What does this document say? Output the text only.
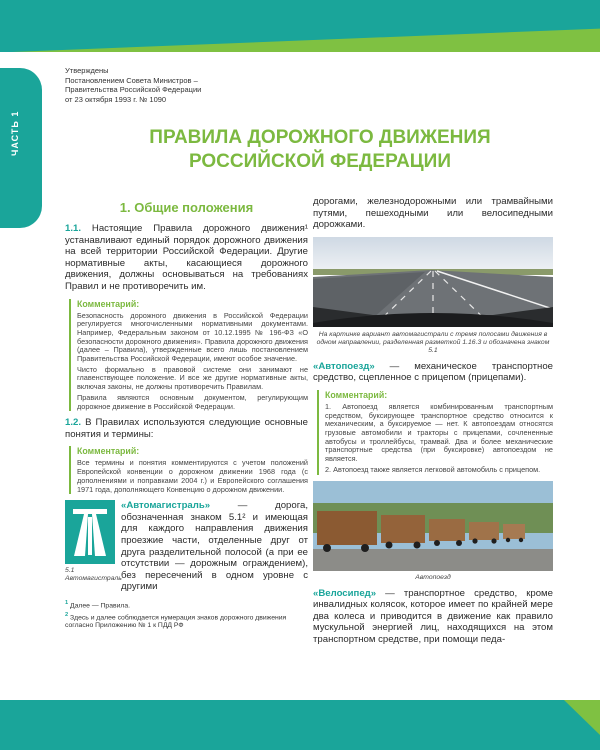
ЧАСТЬ 1
Утверждены
Постановлением Совета Министров –
Правительства Российской Федерации
от 23 октября 1993 г. № 1090
ПРАВИЛА ДОРОЖНОГО ДВИЖЕНИЯ
РОССИЙСКОЙ ФЕДЕРАЦИИ
1. Общие положения
1.1. Настоящие Правила дорожного движения¹ устанавливают единый порядок дорожного движения на всей территории Российской Федерации. Другие нормативные акты, касающиеся дорожного движения, должны основываться на требованиях Правил и не противоречить им.
Комментарий:

Безопасность дорожного движения в Российской Федерации регулируется многочисленными нормативными документами. Например, Федеральным законом от 10.12.1995 № 196-ФЗ «О безопасности дорожного движения». Правила дорожного движения (далее – Правила), утвержденные всего лишь постановлением Правительства Российской Федерации, имеют особое значение.

Чисто формально в правовой системе они занимают не главенствующее положение. И все же другие нормативные акты, включая законы, не должны противоречить Правилам.

Правила являются основным документом, регулирующим дорожное движение в Российской Федерации.

1.2. В Правилах используются следующие основные понятия и термины:
Комментарий:

Все термины и понятия комментируются с учетом положений Европейской конвенции о дорожном движении 1968 года (с дополнениями и поправками 2004 г.) и Европейского соглашения 1971 года, дополняющего Конвенцию о дорожном движении.

5.1 Автомагистраль
«Автомагистраль» — дорога, обозначенная знаком 5.1² и имеющая для каждого направления движения проезжие части, отделенные друг от друга разделительной полосой (а при ее отсутствии — дорожным ограждением), без пересечений в одном уровне с другими
$^1$ Далее — Правила.
$^2$ Здесь и далее соблюдается нумерация знаков дорожного движения согласно Приложению № 1 к ПДД РФ
дорогами, железнодорожными или трамвайными путями, пешеходными или велосипедными дорожками.
На картинке вариант автомагистрали с тремя полосами движения в одном направлении, разделенная разметкой 1.16.3 и обозначена знаком 5.1
«Автопоезд» — механическое транспортное средство, сцепленное с прицепом (прицепами).
Комментарий:

1. Автопоезд является комбинированным транспортным средством, буксирующее транспортное средство относится к механическим, а буксируемое — нет. К автопоездам относятся грузовые автомобили и тракторы с прицепами, сочлененные автобусы и троллейбусы, трамвай. Два и более механические транспортные средства (при буксировке) автопоездом не является.

2. Автопоезд также является легковой автомобиль с прицепом.

Автопоезд
«Велосипед» — транспортное средство, кроме инвалидных колясок, которое имеет по крайней мере два колеса и приводится в движение как правило мускульной энергией лиц, находящихся на этом транспортном средстве, при помощи педа-
